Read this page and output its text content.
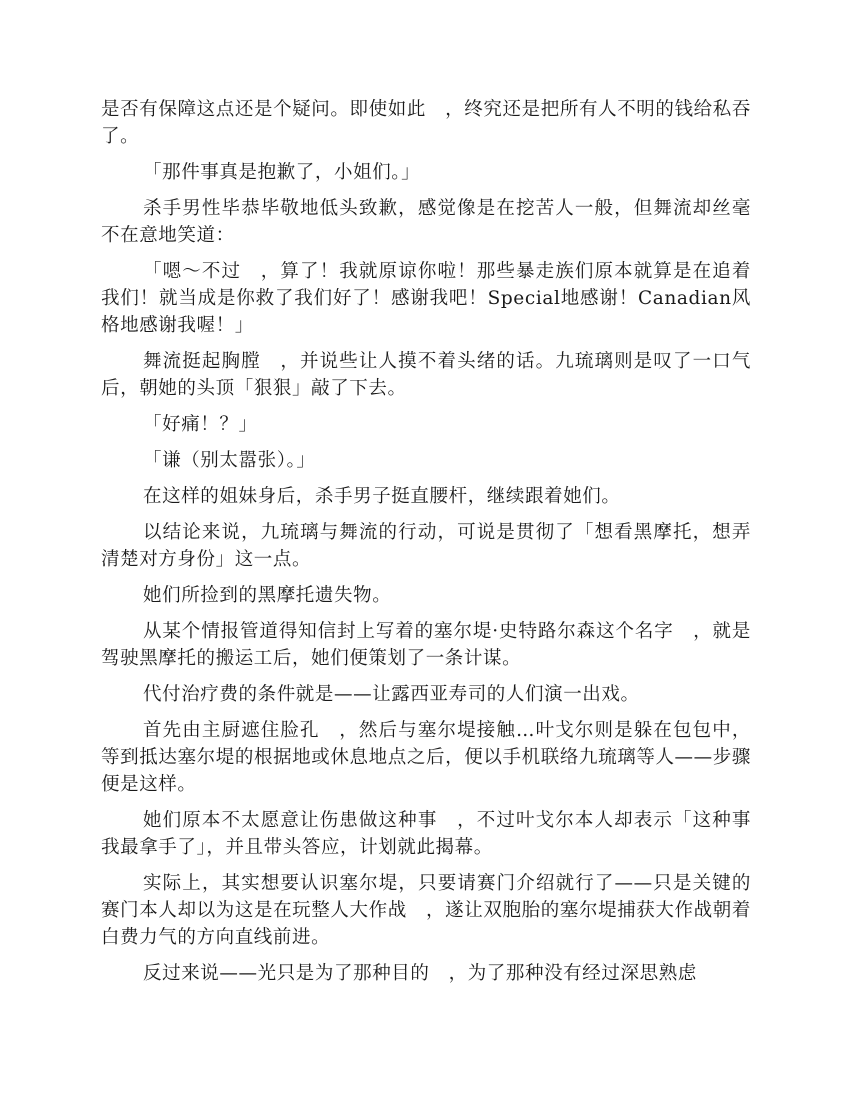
是否有保障这点还是个疑问。即使如此　，终究还是把所有人不明的钱给私吞了。

「那件事真是抱歉了，小姐们。」

杀手男性毕恭毕敬地低头致歉，感觉像是在挖苦人一般，但舞流却丝毫不在意地笑道：

「嗯～不过　，算了！我就原谅你啦！那些暴走族们原本就算是在追着我们！就当成是你救了我们好了！感谢我吧！Special地感谢！Canadian风格地感谢我喔！」

舞流挺起胸膛　，并说些让人摸不着头绪的话。九琉璃则是叹了一口气后，朝她的头顶「狠狠」敲了下去。

「好痛！？」

「谦（别太嚣张）。」

在这样的姐妹身后，杀手男子挺直腰杆，继续跟着她们。

以结论来说，九琉璃与舞流的行动，可说是贯彻了「想看黑摩托，想弄清楚对方身份」这一点。

她们所捡到的黑摩托遗失物。

从某个情报管道得知信封上写着的塞尔堤·史特路尔森这个名字　，就是驾驶黑摩托的搬运工后，她们便策划了一条计谋。

代付治疗费的条件就是——让露西亚寿司的人们演一出戏。

首先由主厨遮住脸孔　，然后与塞尔堤接触…叶戈尔则是躲在包包中，等到抵达塞尔堤的根据地或休息地点之后，便以手机联络九琉璃等人——步骤便是这样。

她们原本不太愿意让伤患做这种事　，不过叶戈尔本人却表示「这种事我最拿手了」，并且带头答应，计划就此揭幕。

实际上，其实想要认识塞尔堤，只要请赛门介绍就行了——只是关键的赛门本人却以为这是在玩整人大作战　，遂让双胞胎的塞尔堤捕获大作战朝着白费力气的方向直线前进。

反过来说——光只是为了那种目的　，为了那种没有经过深思熟虑
